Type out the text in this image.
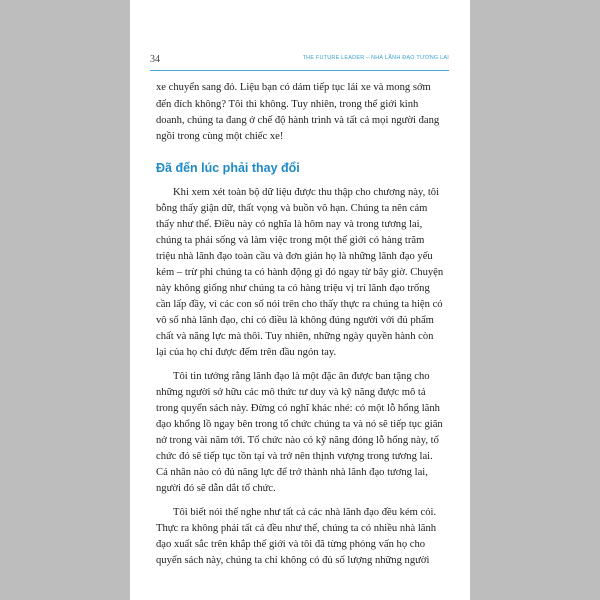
34	THE FUTURE LEADER – NHÀ LÃNH ĐẠO TƯƠNG LAI
xe chuyển sang đỏ. Liệu bạn có dám tiếp tục lái xe và mong sớm
đến đích không? Tôi thì không. Tuy nhiên, trong thế giới kinh
doanh, chúng ta đang ở chế độ hành trình và tất cả mọi người đang
ngồi trong cùng một chiếc xe!
Đã đến lúc phải thay đổi
Khi xem xét toàn bộ dữ liệu được thu thập cho chương này, tôi
bỗng thấy giận dữ, thất vọng và buồn vô hạn. Chúng ta nên cảm
thấy như thế. Điều này có nghĩa là hôm nay và trong tương lai,
chúng ta phải sống và làm việc trong một thế giới có hàng trăm
triệu nhà lãnh đạo toàn cầu và đơn giản họ là những lãnh đạo yếu
kém – trừ phi chúng ta có hành động gì đó ngay từ bây giờ. Chuyện
này không giống như chúng ta có hàng triệu vị trí lãnh đạo trống
cần lấp đầy, vì các con số nói trên cho thấy thực ra chúng ta hiện có
vô số nhà lãnh đạo, chỉ có điều là không đúng người với đủ phẩm
chất và năng lực mà thôi. Tuy nhiên, những ngày quyền hành còn
lại của họ chỉ được đếm trên đầu ngón tay.
Tôi tin tưởng rằng lãnh đạo là một đặc ân được ban tặng cho
những người sở hữu các mô thức tư duy và kỹ năng được mô tả
trong quyển sách này. Đừng có nghĩ khác nhé: có một lỗ hổng lãnh
đạo khổng lồ ngay bên trong tổ chức chúng ta và nó sẽ tiếp tục giãn
nở trong vài năm tới. Tổ chức nào có kỹ năng đóng lỗ hổng này, tổ
chức đó sẽ tiếp tục tồn tại và trở nên thịnh vượng trong tương lai.
Cá nhân nào có đủ năng lực để trở thành nhà lãnh đạo tương lai,
người đó sẽ dẫn dắt tổ chức.
Tôi biết nói thế nghe như tất cả các nhà lãnh đạo đều kém cỏi.
Thực ra không phải tất cả đều như thế, chúng ta có nhiều nhà lãnh
đạo xuất sắc trên khắp thế giới và tôi đã từng phỏng vấn họ cho
quyển sách này, chúng ta chỉ không có đủ số lượng những người
